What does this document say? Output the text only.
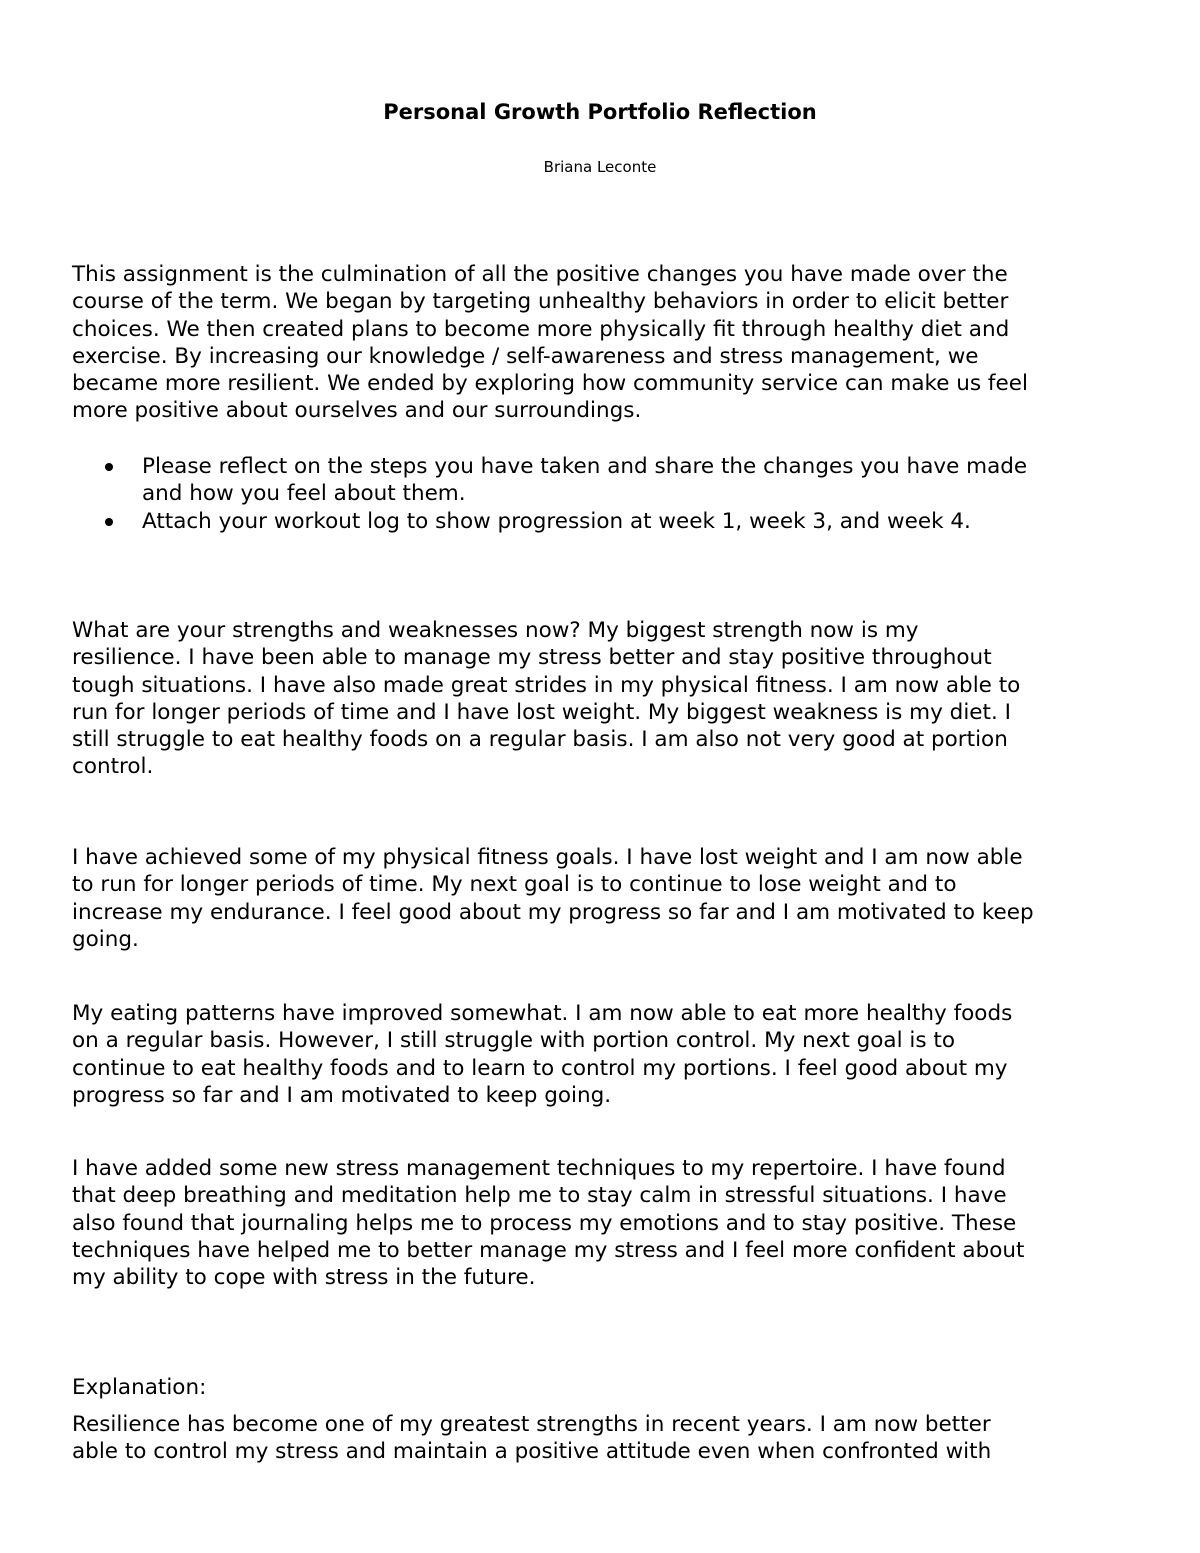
Personal Growth Portfolio Reflection

Briana Leconte

This assignment is the culmination of all the positive changes you have made over the
course of the term. We began by targeting unhealthy behaviors in order to elicit better
choices. We then created plans to become more physically fit through healthy diet and
exercise. By increasing our knowledge / self-awareness and stress management, we
became more resilient. We ended by exploring how community service can make us feel
more positive about ourselves and our surroundings.

Please reflect on the steps you have taken and share the changes you have made
and how you feel about them.
Attach your workout log to show progression at week 1, week 3, and week 4.

What are your strengths and weaknesses now? My biggest strength now is my
resilience. I have been able to manage my stress better and stay positive throughout
tough situations. I have also made great strides in my physical fitness. I am now able to
run for longer periods of time and I have lost weight. My biggest weakness is my diet. I
still struggle to eat healthy foods on a regular basis. I am also not very good at portion
control.

I have achieved some of my physical fitness goals. I have lost weight and I am now able
to run for longer periods of time. My next goal is to continue to lose weight and to
increase my endurance. I feel good about my progress so far and I am motivated to keep
going.

My eating patterns have improved somewhat. I am now able to eat more healthy foods
on a regular basis. However, I still struggle with portion control. My next goal is to
continue to eat healthy foods and to learn to control my portions. I feel good about my
progress so far and I am motivated to keep going.

I have added some new stress management techniques to my repertoire. I have found
that deep breathing and meditation help me to stay calm in stressful situations. I have
also found that journaling helps me to process my emotions and to stay positive. These
techniques have helped me to better manage my stress and I feel more confident about
my ability to cope with stress in the future.

Explanation:

Resilience has become one of my greatest strengths in recent years. I am now better
able to control my stress and maintain a positive attitude even when confronted with
